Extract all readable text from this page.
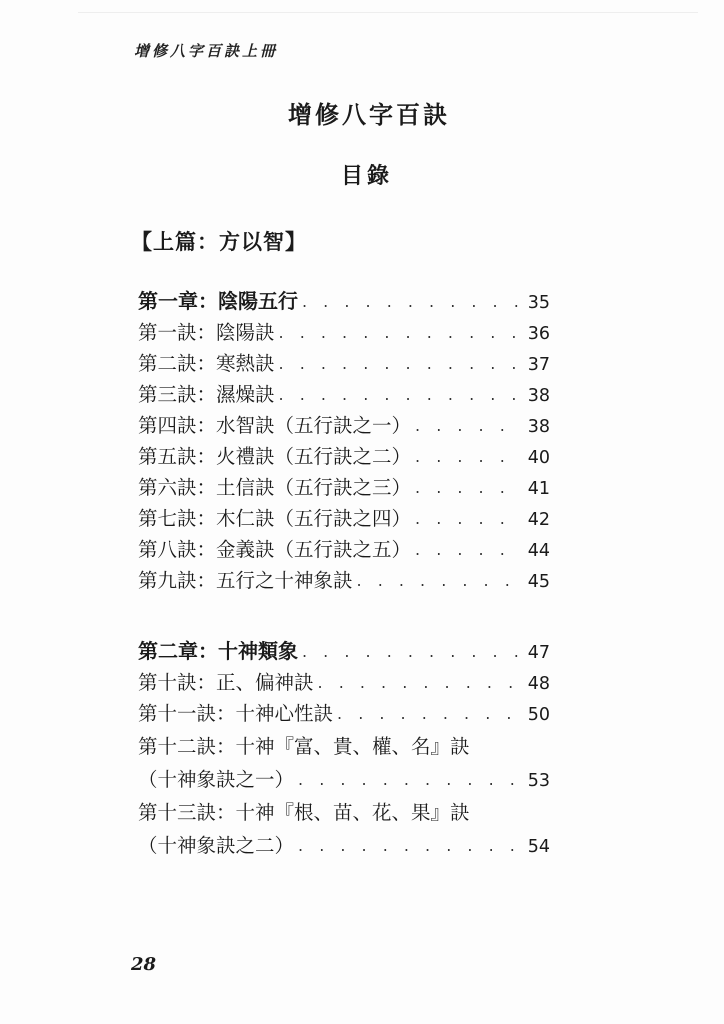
增修八字百訣上冊
增修八字百訣
目錄
【上篇：方以智】
第一章：陰陽五行 . . .	35
第一訣：陰陽訣 . . .	36
第二訣：寒熱訣 . . .	37
第三訣：濕燥訣 . . .	38
第四訣：水智訣（五行訣之一） . . .	38
第五訣：火禮訣（五行訣之二） . . .	40
第六訣：土信訣（五行訣之三） . . .	41
第七訣：木仁訣（五行訣之四） . . .	42
第八訣：金義訣（五行訣之五） . . .	44
第九訣：五行之十神象訣 . . .	45
第二章：十神類象 . . .	47
第十訣：正、偏神訣 . . .	48
第十一訣：十神心性訣 . . .	50
第十二訣：十神『富、貴、權、名』訣
（十神象訣之一） . . .	53
第十三訣：十神『根、苗、花、果』訣
（十神象訣之二） . . .	54
28
